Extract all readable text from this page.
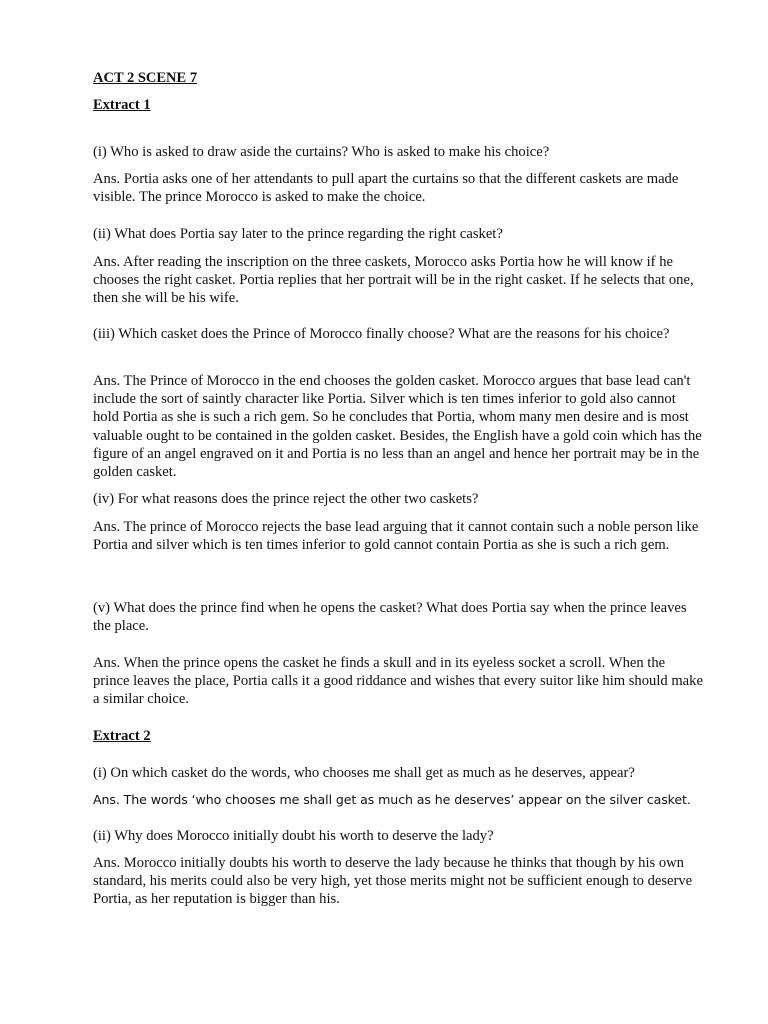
ACT 2 SCENE 7
Extract 1

(i) Who is asked to draw aside the curtains? Who is asked to make his choice?

Ans. Portia asks one of her attendants to pull apart the curtains so that the different caskets are made visible. The prince Morocco is asked to make the choice.

(ii) What does Portia say later to the prince regarding the right casket?

Ans. After reading the inscription on the three caskets, Morocco asks Portia how he will know if he chooses the right casket. Portia replies that her portrait will be in the right casket. If he selects that one, then she will be his wife.

(iii) Which casket does the Prince of Morocco finally choose? What are the reasons for his choice?

Ans. The Prince of Morocco in the end chooses the golden casket. Morocco argues that base lead can't include the sort of saintly character like Portia. Silver which is ten times inferior to gold also cannot hold Portia as she is such a rich gem. So he concludes that Portia, whom many men desire and is most valuable ought to be contained in the golden casket. Besides, the English have a gold coin which has the figure of an angel engraved on it and Portia is no less than an angel and hence her portrait may be in the golden casket.

(iv) For what reasons does the prince reject the other two caskets?

Ans. The prince of Morocco rejects the base lead arguing that it cannot contain such a noble person like Portia and silver which is ten times inferior to gold cannot contain Portia as she is such a rich gem.

(v) What does the prince find when he opens the casket? What does Portia say when the prince leaves the place.

Ans. When the prince opens the casket he finds a skull and in its eyeless socket a scroll. When the prince leaves the place, Portia calls it a good riddance and wishes that every suitor like him should make a similar choice.

Extract 2

(i) On which casket do the words, who chooses me shall get as much as he deserves, appear?

Ans. The words ‘who chooses me shall get as much as he deserves’ appear on the silver casket.

(ii) Why does Morocco initially doubt his worth to deserve the lady?

Ans. Morocco initially doubts his worth to deserve the lady because he thinks that though by his own standard, his merits could also be very high, yet those merits might not be sufficient enough to deserve Portia, as her reputation is bigger than his.
